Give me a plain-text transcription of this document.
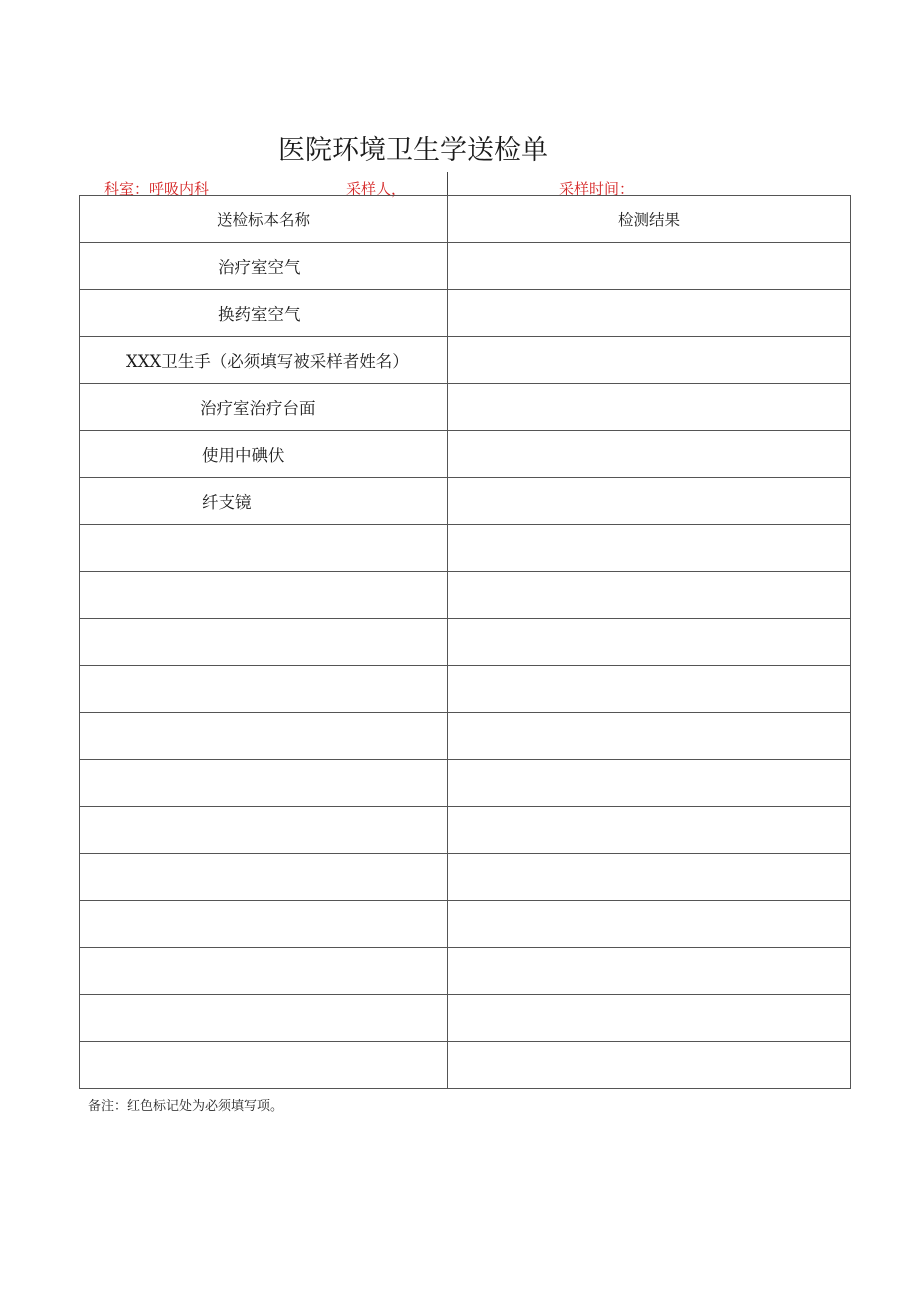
医院环境卫生学送检单
科室：呼吸内科	采样人，	采样时间：
送检标本名称	检测结果

治疗室空气	

换药室空气	

XXX卫生手（必须填写被采样者姓名）	

治疗室治疗台面	

使用中碘伏	

纤支镜	

备注：红色标记处为必须填写项。
